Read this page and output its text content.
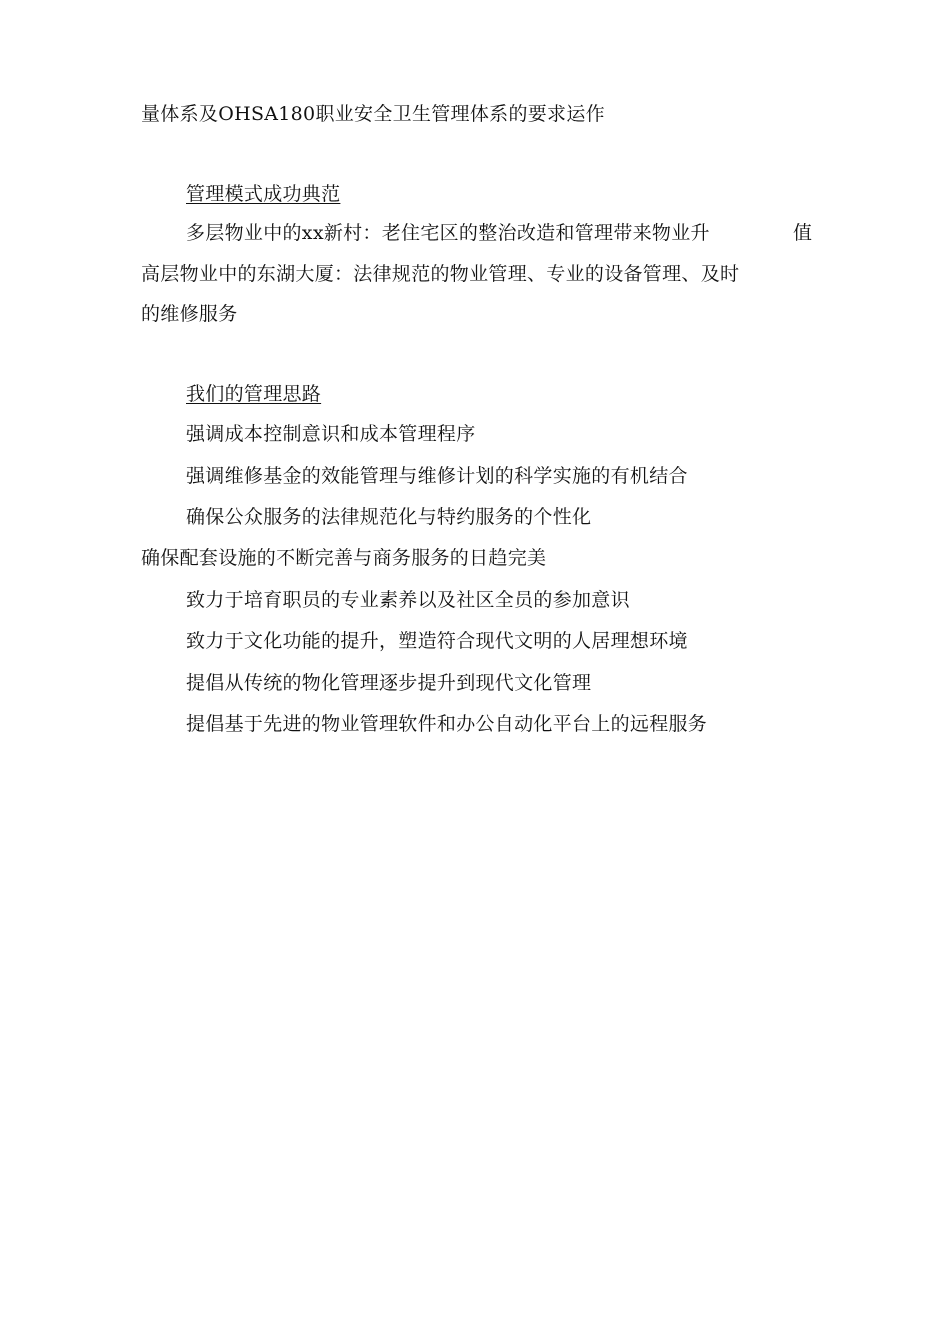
量体系及OHSA180职业安全卫生管理体系的要求运作
管理模式成功典范
多层物业中的xx新村：老住宅区的整治改造和管理带来物业升	值
高层物业中的东湖大厦：法律规范的物业管理、专业的设备管理、及时
的维修服务
我们的管理思路
强调成本控制意识和成本管理程序
强调维修基金的效能管理与维修计划的科学实施的有机结合
确保公众服务的法律规范化与特约服务的个性化
确保配套设施的不断完善与商务服务的日趋完美
致力于培育职员的专业素养以及社区全员的参加意识
致力于文化功能的提升，塑造符合现代文明的人居理想环境
提倡从传统的物化管理逐步提升到现代文化管理
提倡基于先进的物业管理软件和办公自动化平台上的远程服务
